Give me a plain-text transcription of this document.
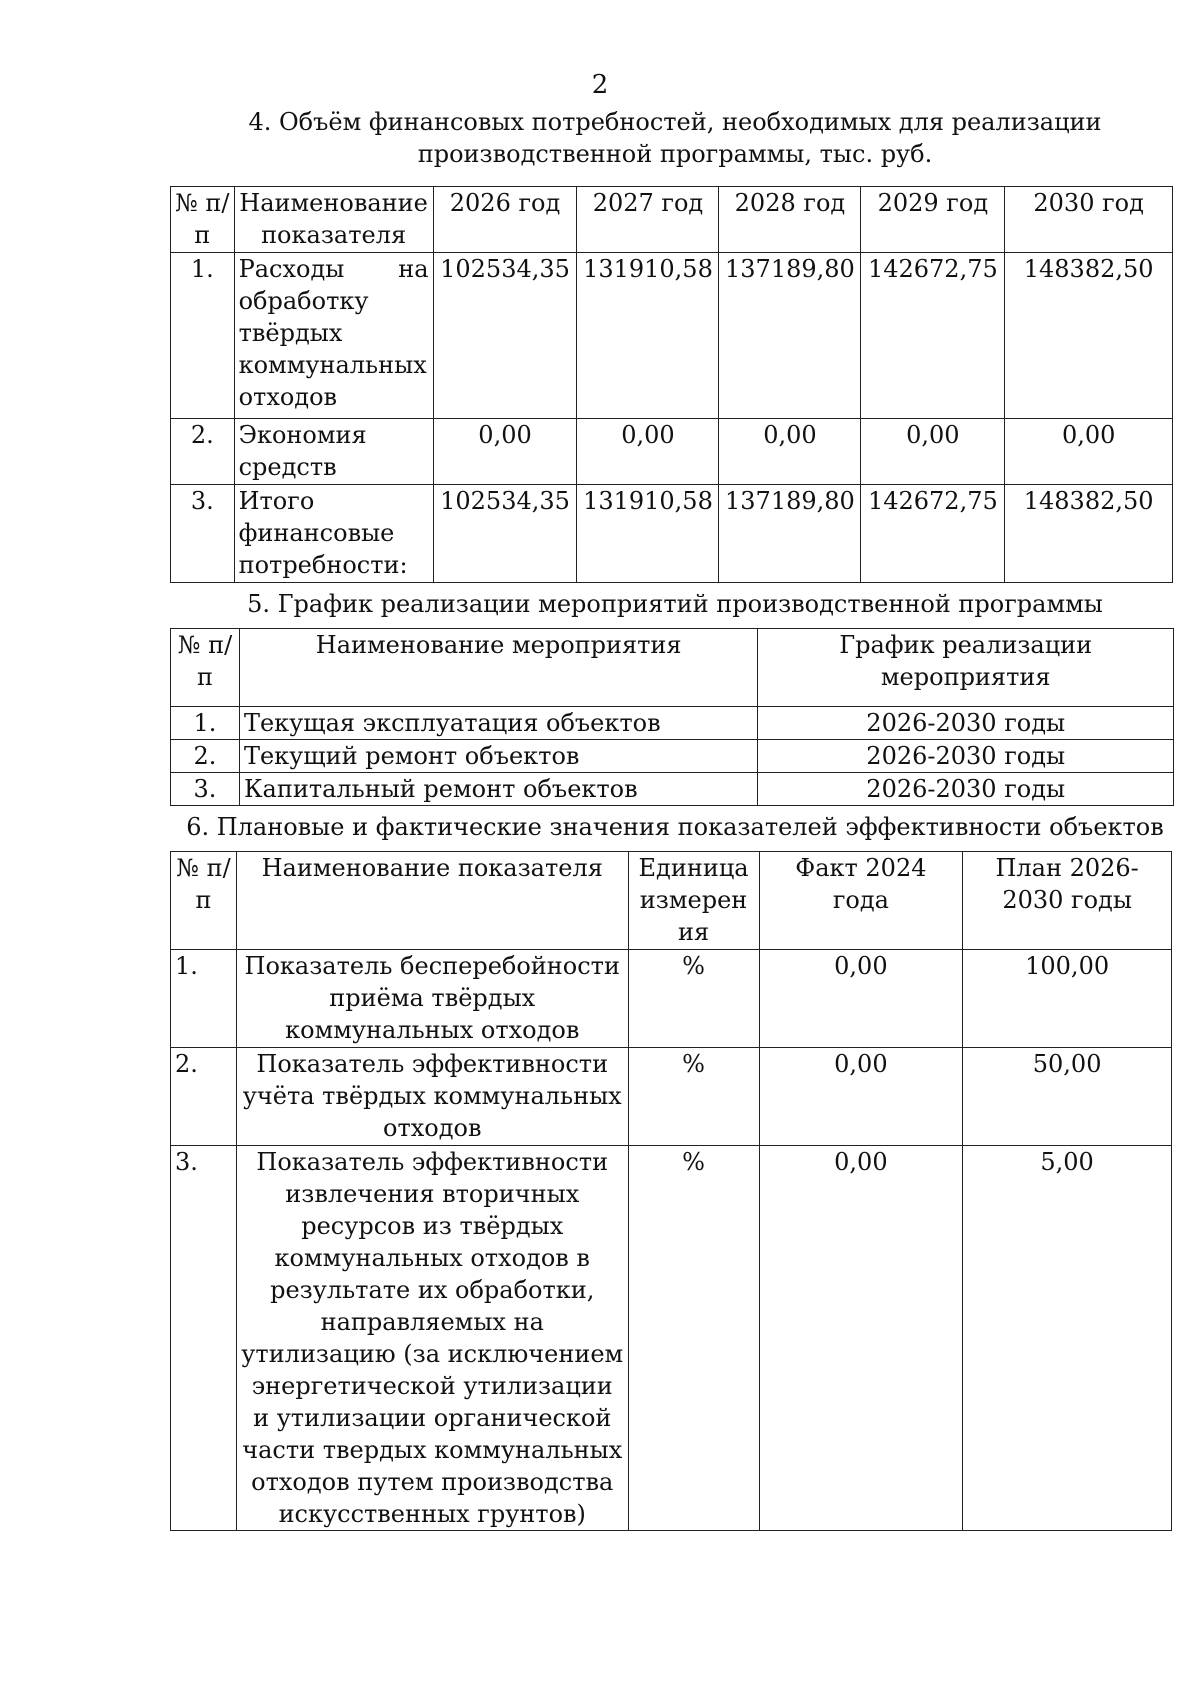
2
4. Объём финансовых потребностей, необходимых для реализации
производственной программы, тыс. руб.
№ п/п	Наименование показателя	2026 год	2027 год	2028 год	2029 год	2030 год
1.	Расходы на обработку твёрдых коммунальных отходов	102534,35	131910,58	137189,80	142672,75	148382,50
2.	Экономия средств	0,00	0,00	0,00	0,00	0,00
3.	Итого финансовые потребности:	102534,35	131910,58	137189,80	142672,75	148382,50
5. График реализации мероприятий производственной программы
№ п/п	Наименование мероприятия	График реализации мероприятия
1.	Текущая эксплуатация объектов	2026-2030 годы
2.	Текущий ремонт объектов	2026-2030 годы
3.	Капитальный ремонт объектов	2026-2030 годы
6. Плановые и фактические значения показателей эффективности объектов
№ п/п	Наименование показателя	Единица измерен ия	Факт 2024 года	План 2026-2030 годы
1.	Показатель бесперебойности приёма твёрдых коммунальных отходов	%	0,00	100,00
2.	Показатель эффективности учёта твёрдых коммунальных отходов	%	0,00	50,00
3.	Показатель эффективности извлечения вторичных ресурсов из твёрдых коммунальных отходов в результате их обработки, направляемых на утилизацию (за исключением энергетической утилизации и утилизации органической части твердых коммунальных отходов путем производства искусственных грунтов)	%	0,00	5,00
